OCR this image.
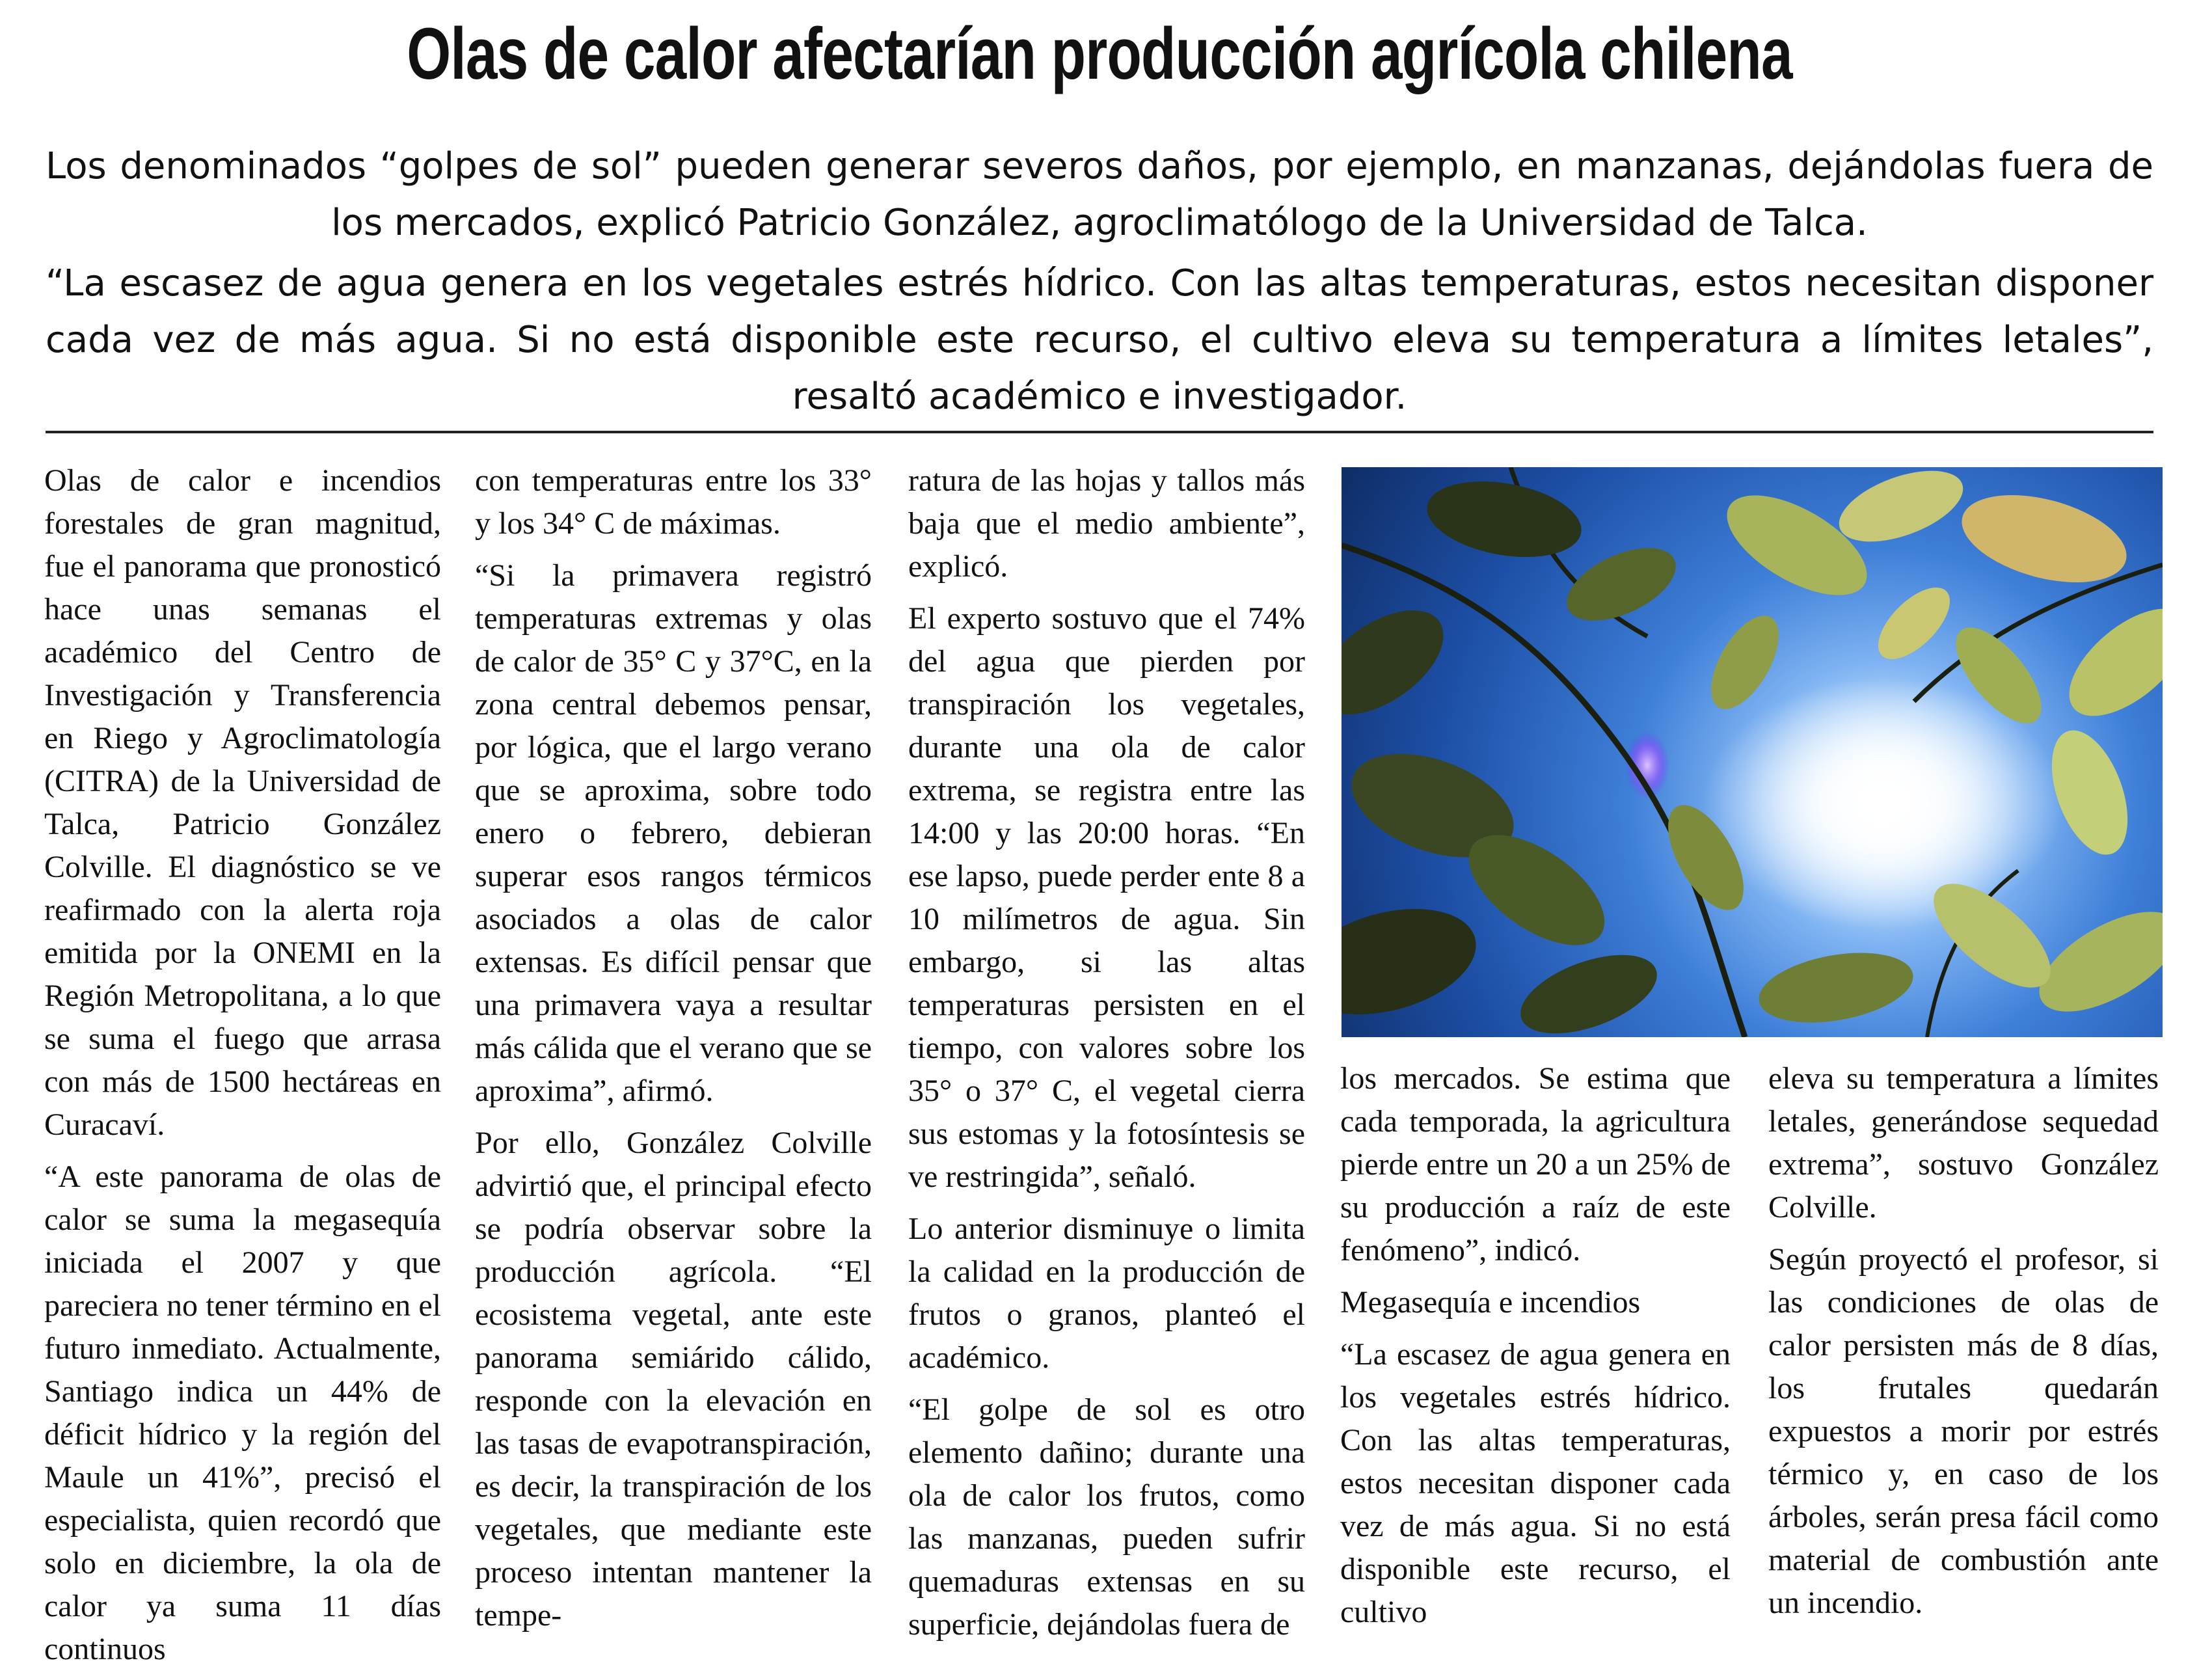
Olas de calor afectarían producción agrícola chilena
Los denominados “golpes de sol” pueden generar severos daños, por ejemplo, en manzanas, dejándolas fuera de los mercados, explicó Patricio González, agroclimatólogo de la Universidad de Talca.
“La escasez de agua genera en los vegetales estrés hídrico. Con las altas temperaturas, estos necesitan disponer cada vez de más agua. Si no está disponible este recurso, el cultivo eleva su temperatura a límites letales”, resaltó académico e investigador.

Olas de calor e incendios forestales de gran magnitud, fue el panorama que pronosticó hace unas semanas el académico del Centro de Investigación y Transferencia en Riego y Agroclimatología (CITRA) de la Universidad de Talca, Patricio González Colville. El diagnóstico se ve reafirmado con la alerta roja emitida por la ONEMI en la Región Metropolitana, a lo que se suma el fuego que arrasa con más de 1500 hectáreas en Curacaví.

“A este panorama de olas de calor se suma la megasequía iniciada el 2007 y que pareciera no tener término en el futuro inmediato. Actualmente, Santiago indica un 44% de déficit hídrico y la región del Maule un 41%”, precisó el especialista, quien recordó que solo en diciembre, la ola de calor ya suma 11 días continuos

con temperaturas entre los 33° y los 34° C de máximas.

“Si la primavera registró temperaturas extremas y olas de calor de 35° C y 37°C, en la zona central debemos pensar, por lógica, que el largo verano que se aproxima, sobre todo enero o febrero, debieran superar esos rangos térmicos asociados a olas de calor extensas. Es difícil pensar que una primavera vaya a resultar más cálida que el verano que se aproxima”, afirmó.

Por ello, González Colville advirtió que, el principal efecto se podría observar sobre la producción agrícola. “El ecosistema vegetal, ante este panorama semiárido cálido, responde con la elevación en las tasas de evapotranspiración, es decir, la transpiración de los vegetales, que mediante este proceso intentan mantener la tempe-

ratura de las hojas y tallos más baja que el medio ambiente”, explicó.

El experto sostuvo que el 74% del agua que pierden por transpiración los vegetales, durante una ola de calor extrema, se registra entre las 14:00 y las 20:00 horas. “En ese lapso, puede perder ente 8 a 10 milímetros de agua. Sin embargo, si las altas temperaturas persisten en el tiempo, con valores sobre los 35° o 37° C, el vegetal cierra sus estomas y la fotosíntesis se ve restringida”, señaló.

Lo anterior disminuye o limita la calidad en la producción de frutos o granos, planteó el académico.

“El golpe de sol es otro elemento dañino; durante una ola de calor los frutos, como las manzanas, pueden sufrir quemaduras extensas en su superficie, dejándolas fuera de

los mercados. Se estima que cada temporada, la agricultura pierde entre un 20 a un 25% de su producción a raíz de este fenómeno”, indicó.

Megasequía e incendios

“La escasez de agua genera en los vegetales estrés hídrico. Con las altas temperaturas, estos necesitan disponer cada vez de más agua. Si no está disponible este recurso, el cultivo

eleva su temperatura a límites letales, generándose sequedad extrema”, sostuvo González Colville.

Según proyectó el profesor, si las condiciones de olas de calor persisten más de 8 días, los frutales quedarán expuestos a morir por estrés térmico y, en caso de los árboles, serán presa fácil como material de combustión ante un incendio.
